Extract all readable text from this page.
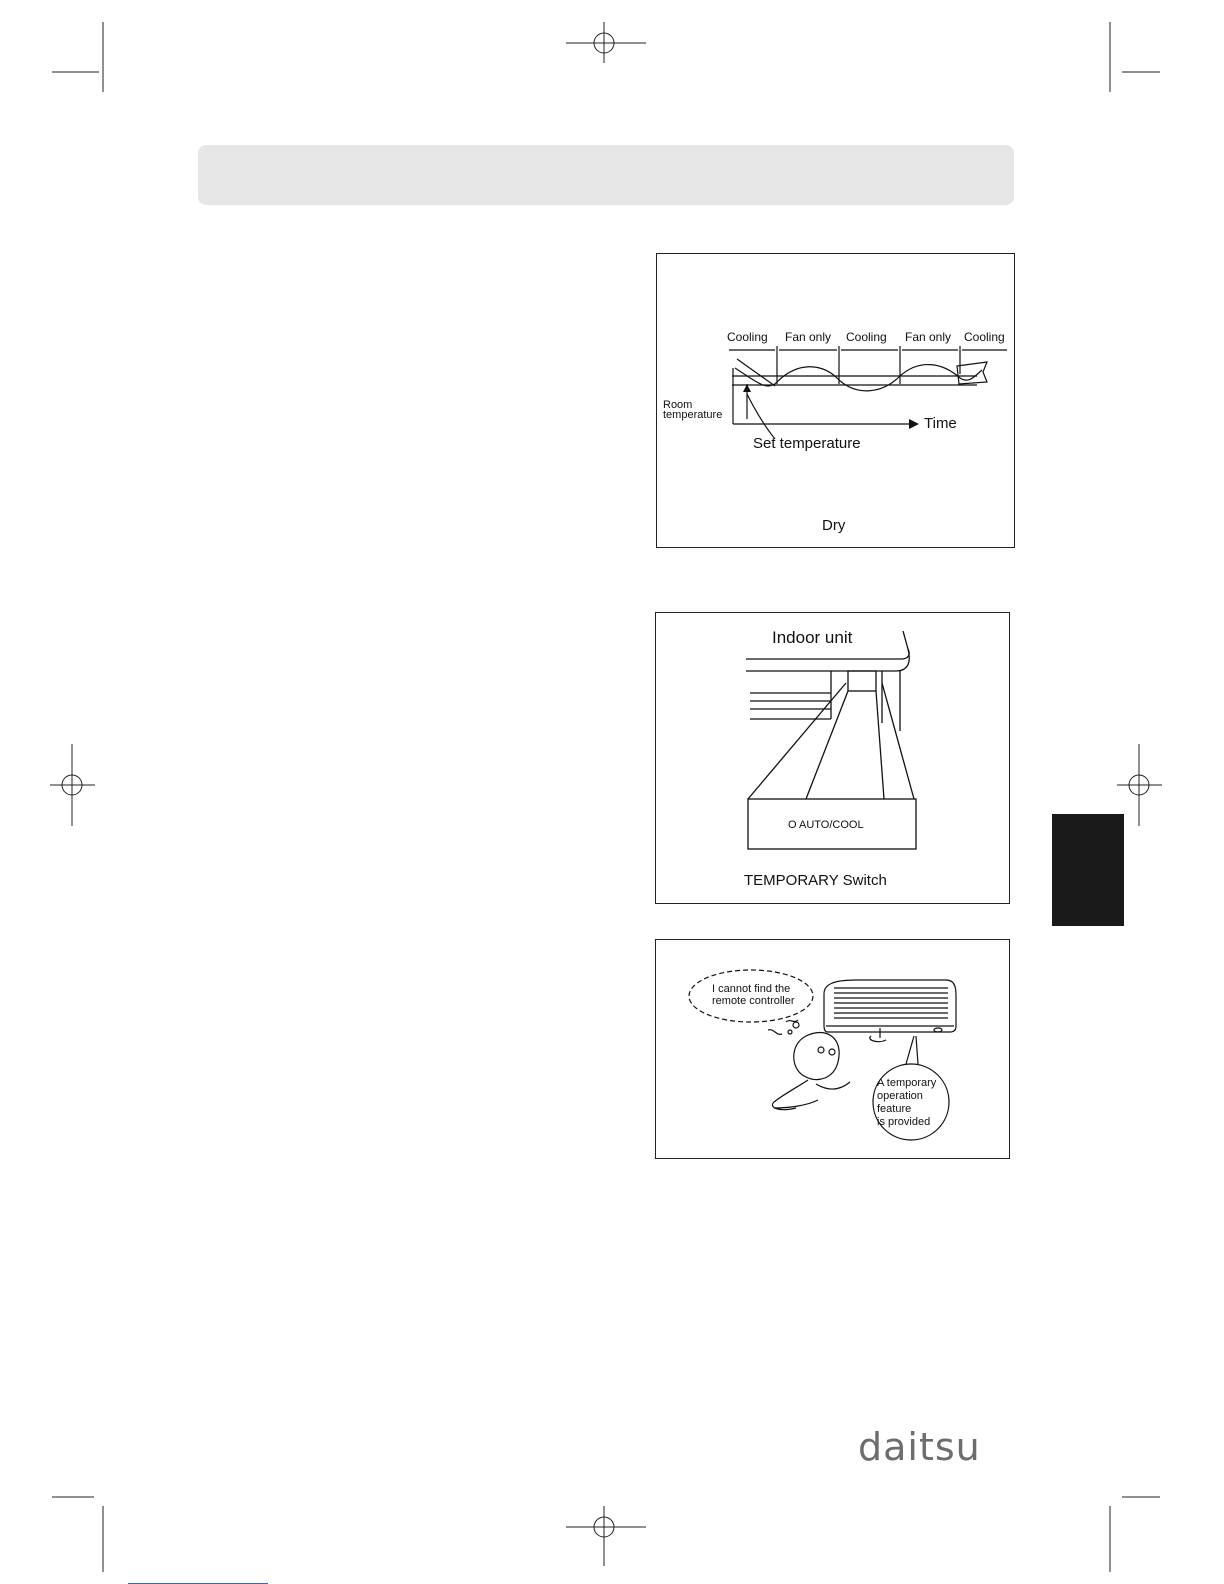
Cooling Fan only Cooling Fan only Cooling
Room
temperature	Time
Set temperature
Dry
Indoor unit
O AUTO/COOL
TEMPORARY Switch
I cannot find the
remote controller
A temporary
operation
feature
is provided
daitsu
